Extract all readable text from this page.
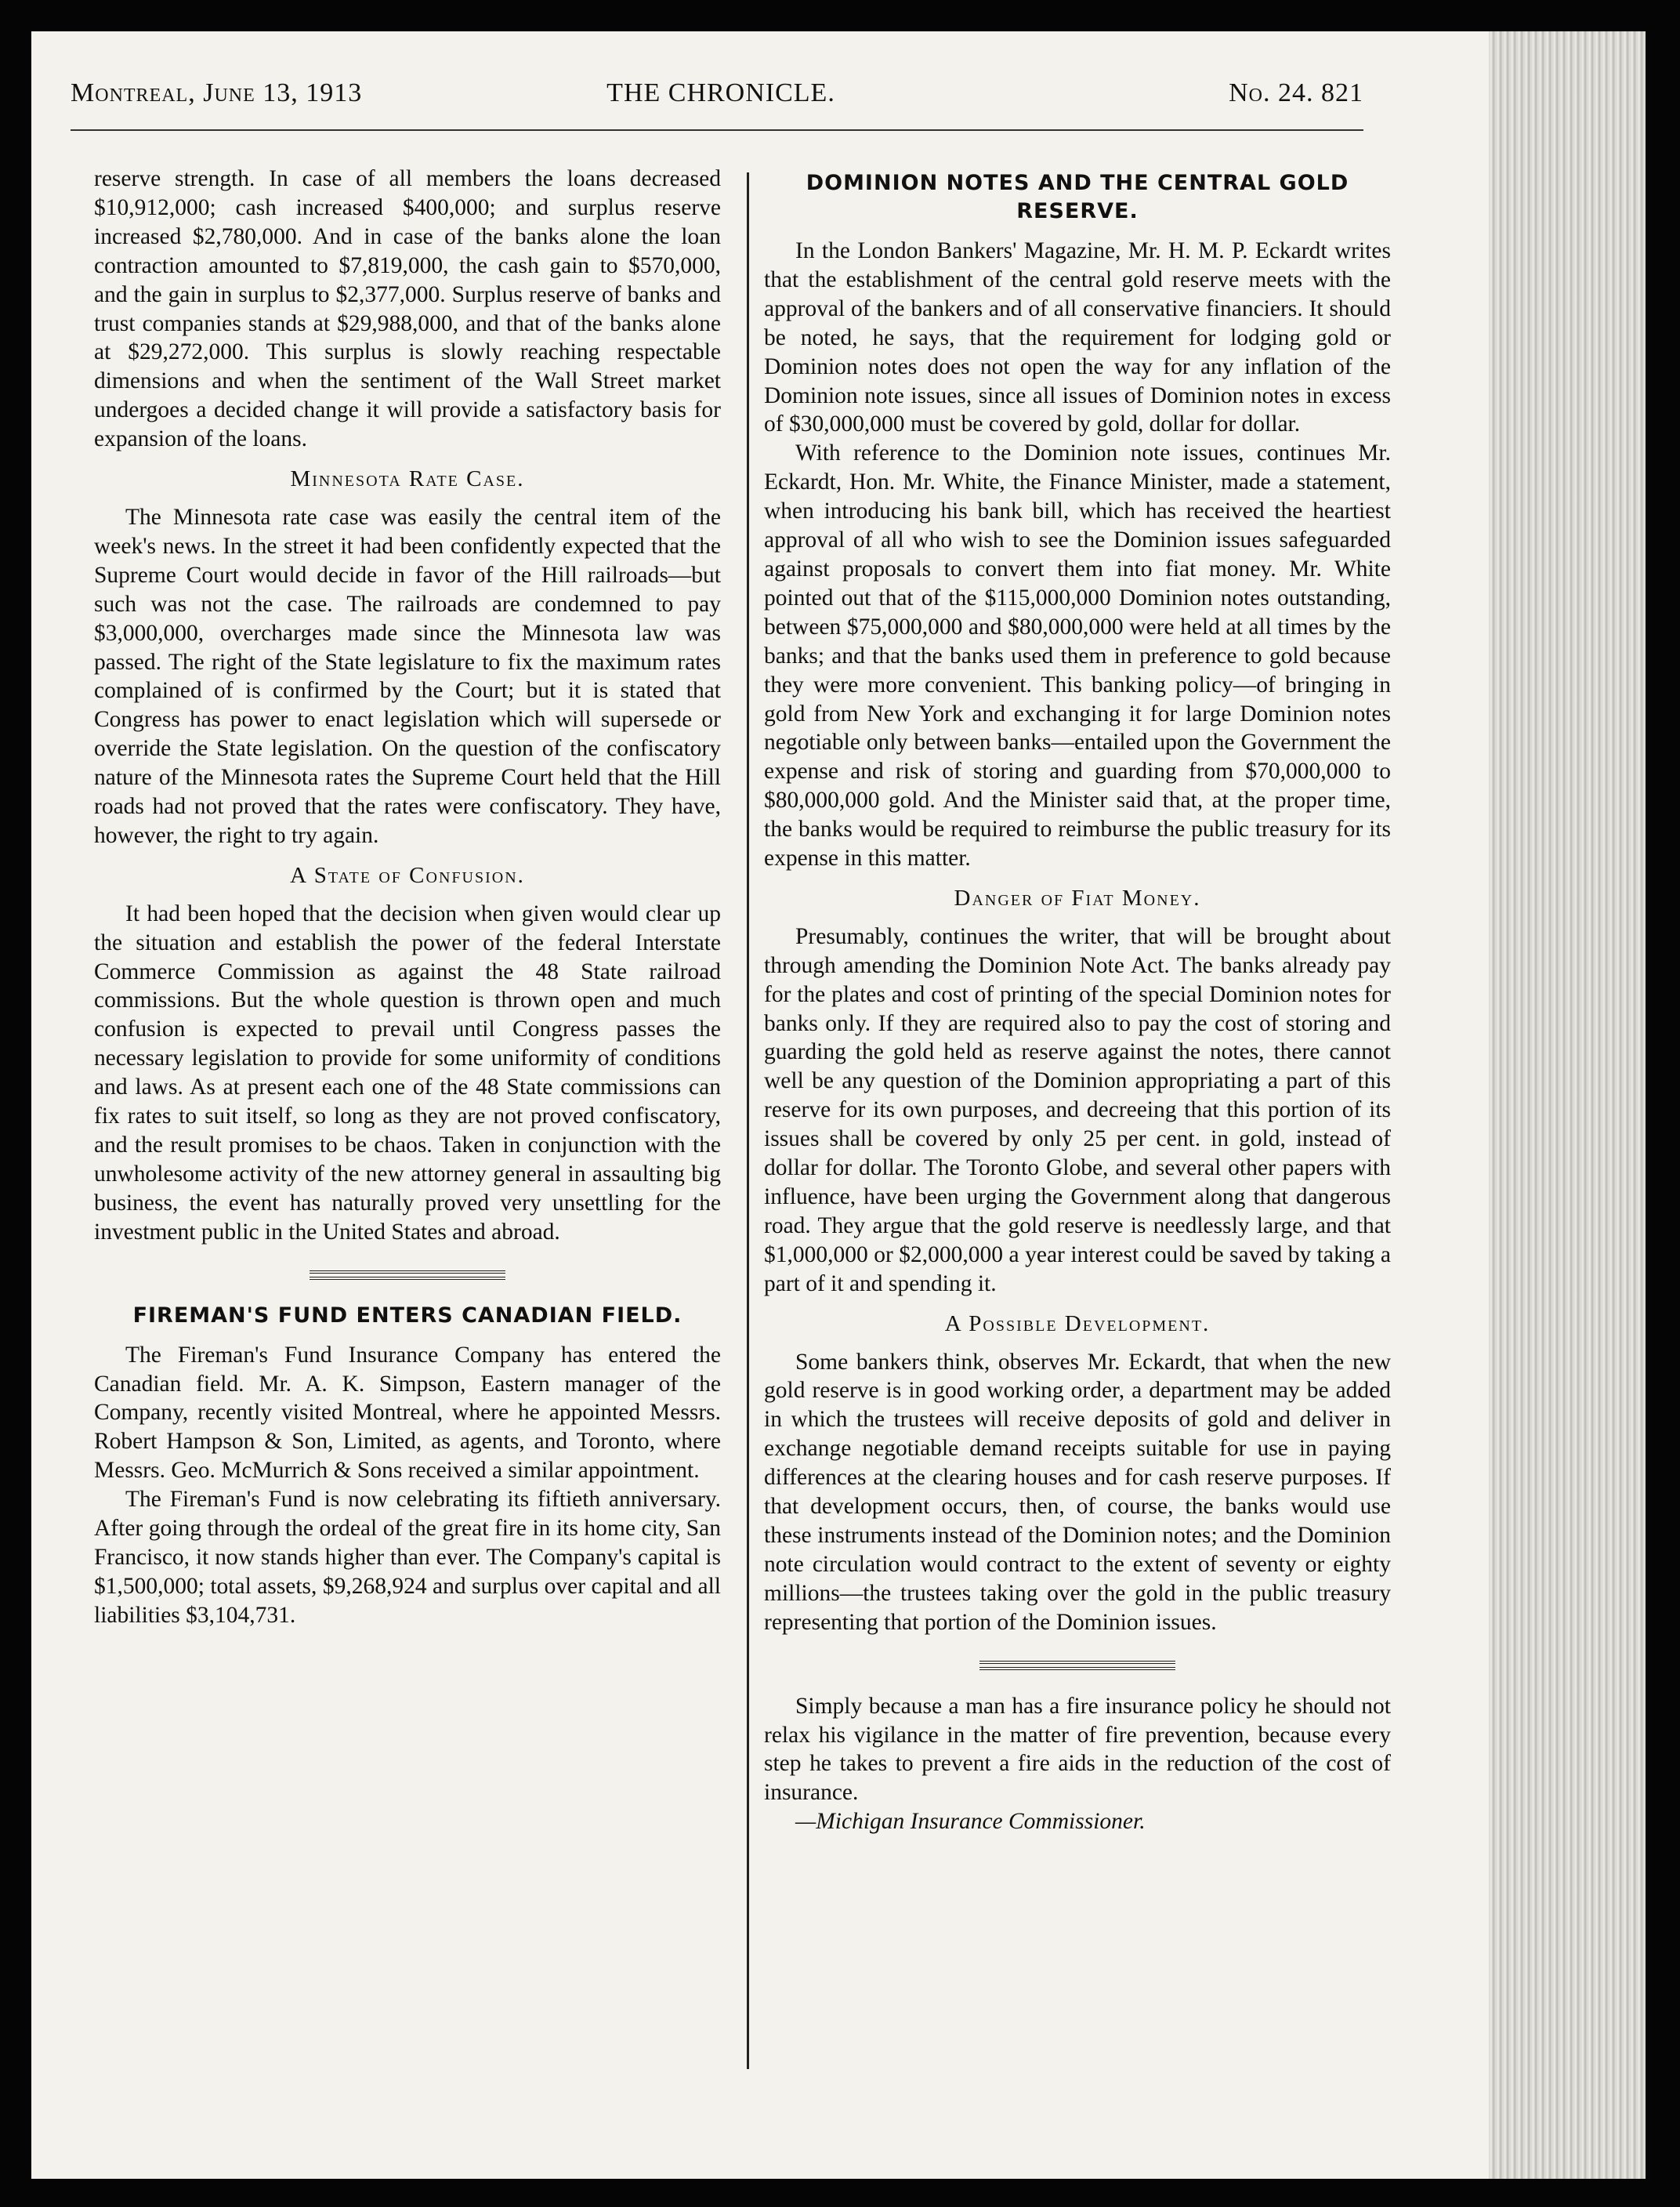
Montreal, June 13, 1913	THE CHRONICLE.	No. 24. 821

reserve strength. In case of all members the loans decreased $10,912,000; cash increased $400,000; and surplus reserve increased $2,780,000. And in case of the banks alone the loan contraction amounted to $7,819,000, the cash gain to $570,000, and the gain in surplus to $2,377,000. Surplus reserve of banks and trust companies stands at $29,988,000, and that of the banks alone at $29,272,000. This surplus is slowly reaching respectable dimensions and when the sentiment of the Wall Street market undergoes a decided change it will provide a satisfactory basis for expansion of the loans.

Minnesota Rate Case.

The Minnesota rate case was easily the central item of the week's news. In the street it had been confidently expected that the Supreme Court would decide in favor of the Hill railroads—but such was not the case. The railroads are condemned to pay $3,000,000, overcharges made since the Minnesota law was passed. The right of the State legislature to fix the maximum rates complained of is confirmed by the Court; but it is stated that Congress has power to enact legislation which will supersede or override the State legislation. On the question of the confiscatory nature of the Minnesota rates the Supreme Court held that the Hill roads had not proved that the rates were confiscatory. They have, however, the right to try again.

A State of Confusion.

It had been hoped that the decision when given would clear up the situation and establish the power of the federal Interstate Commerce Commission as against the 48 State railroad commissions. But the whole question is thrown open and much confusion is expected to prevail until Congress passes the necessary legislation to provide for some uniformity of conditions and laws. As at present each one of the 48 State commissions can fix rates to suit itself, so long as they are not proved confiscatory, and the result promises to be chaos. Taken in conjunction with the unwholesome activity of the new attorney general in assaulting big business, the event has naturally proved very unsettling for the investment public in the United States and abroad.

FIREMAN'S FUND ENTERS CANADIAN FIELD.

The Fireman's Fund Insurance Company has entered the Canadian field. Mr. A. K. Simpson, Eastern manager of the Company, recently visited Montreal, where he appointed Messrs. Robert Hampson & Son, Limited, as agents, and Toronto, where Messrs. Geo. McMurrich & Sons received a similar appointment.

The Fireman's Fund is now celebrating its fiftieth anniversary. After going through the ordeal of the great fire in its home city, San Francisco, it now stands higher than ever. The Company's capital is $1,500,000; total assets, $9,268,924 and surplus over capital and all liabilities $3,104,731.

DOMINION NOTES AND THE CENTRAL GOLD RESERVE.

In the London Bankers' Magazine, Mr. H. M. P. Eckardt writes that the establishment of the central gold reserve meets with the approval of the bankers and of all conservative financiers. It should be noted, he says, that the requirement for lodging gold or Dominion notes does not open the way for any inflation of the Dominion note issues, since all issues of Dominion notes in excess of $30,000,000 must be covered by gold, dollar for dollar.

With reference to the Dominion note issues, continues Mr. Eckardt, Hon. Mr. White, the Finance Minister, made a statement, when introducing his bank bill, which has received the heartiest approval of all who wish to see the Dominion issues safeguarded against proposals to convert them into fiat money. Mr. White pointed out that of the $115,000,000 Dominion notes outstanding, between $75,000,000 and $80,000,000 were held at all times by the banks; and that the banks used them in preference to gold because they were more convenient. This banking policy—of bringing in gold from New York and exchanging it for large Dominion notes negotiable only between banks—entailed upon the Government the expense and risk of storing and guarding from $70,000,000 to $80,000,000 gold. And the Minister said that, at the proper time, the banks would be required to reimburse the public treasury for its expense in this matter.

Danger of Fiat Money.

Presumably, continues the writer, that will be brought about through amending the Dominion Note Act. The banks already pay for the plates and cost of printing of the special Dominion notes for banks only. If they are required also to pay the cost of storing and guarding the gold held as reserve against the notes, there cannot well be any question of the Dominion appropriating a part of this reserve for its own purposes, and decreeing that this portion of its issues shall be covered by only 25 per cent. in gold, instead of dollar for dollar. The Toronto Globe, and several other papers with influence, have been urging the Government along that dangerous road. They argue that the gold reserve is needlessly large, and that $1,000,000 or $2,000,000 a year interest could be saved by taking a part of it and spending it.

A Possible Development.

Some bankers think, observes Mr. Eckardt, that when the new gold reserve is in good working order, a department may be added in which the trustees will receive deposits of gold and deliver in exchange negotiable demand receipts suitable for use in paying differences at the clearing houses and for cash reserve purposes. If that development occurs, then, of course, the banks would use these instruments instead of the Dominion notes; and the Dominion note circulation would contract to the extent of seventy or eighty millions—the trustees taking over the gold in the public treasury representing that portion of the Dominion issues.

Simply because a man has a fire insurance policy he should not relax his vigilance in the matter of fire prevention, because every step he takes to prevent a fire aids in the reduction of the cost of insurance.

—Michigan Insurance Commissioner.
